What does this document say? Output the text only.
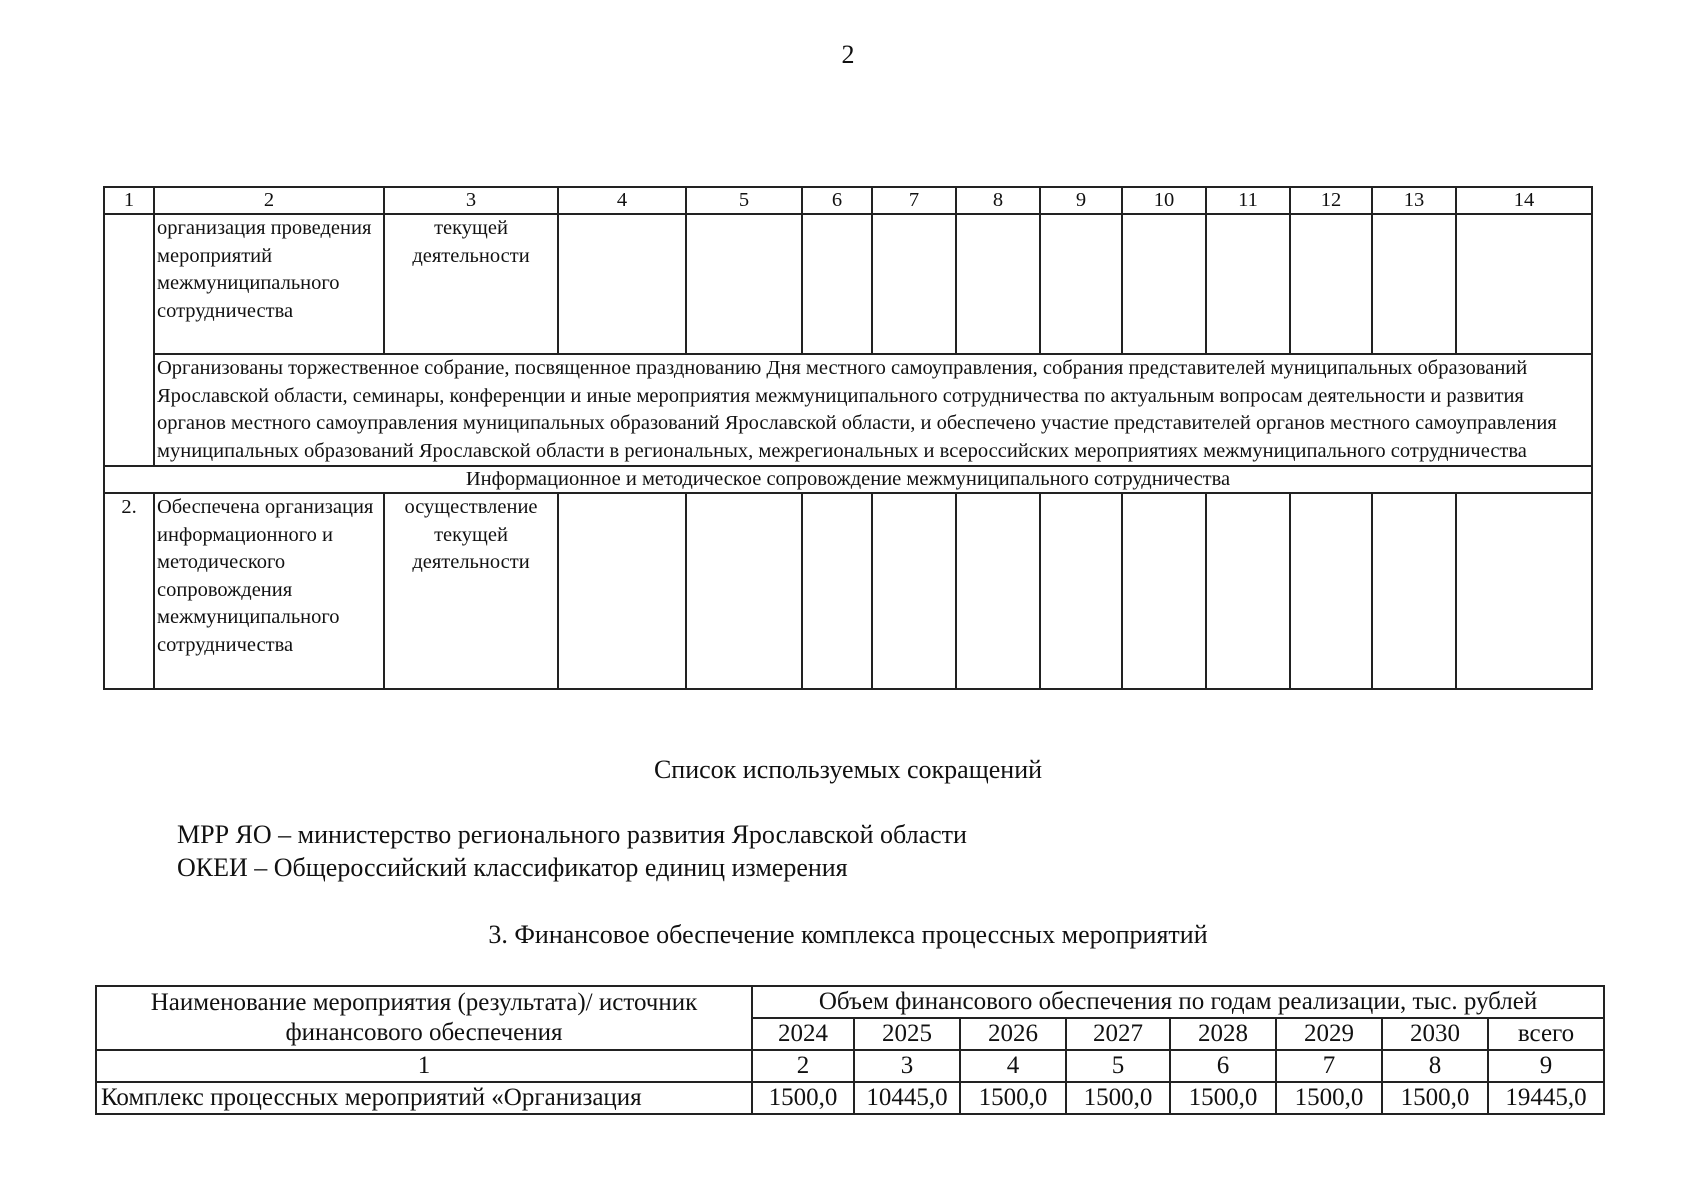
2
1	2	3	4	5	6	7	8	9	10	11	12	13	14
	организация проведения мероприятий межмуниципального сотрудничества	текущей деятельности											
	Организованы торжественное собрание, посвященное празднованию Дня местного самоуправления, собрания представителей муниципальных образований Ярославской области, семинары, конференции и иные мероприятия межмуниципального сотрудничества по актуальным вопросам деятельности и развития органов местного самоуправления муниципальных образований Ярославской области, и обеспечено участие представителей органов местного самоуправления муниципальных образований Ярославской области в региональных, межрегиональных и всероссийских мероприятиях межмуниципального сотрудничества												
Информационное и методическое сопровождение межмуниципального сотрудничества													
2.	Обеспечена организация информационного и методического сопровождения межмуниципального сотрудничества	осуществление текущей деятельности											
Список используемых сокращений
МРР ЯО – министерство регионального развития Ярославской области
ОКЕИ – Общероссийский классификатор единиц измерения
3. Финансовое обеспечение комплекса процессных мероприятий
Наименование мероприятия (результата)/ источник финансового обеспечения	Объем финансового обеспечения по годам реализации, тыс. рублей							
	2024	2025	2026	2027	2028	2029	2030	всего
1	2	3	4	5	6	7	8	9
Комплекс процессных мероприятий «Организация	1500,0	10445,0	1500,0	1500,0	1500,0	1500,0	1500,0	19445,0
